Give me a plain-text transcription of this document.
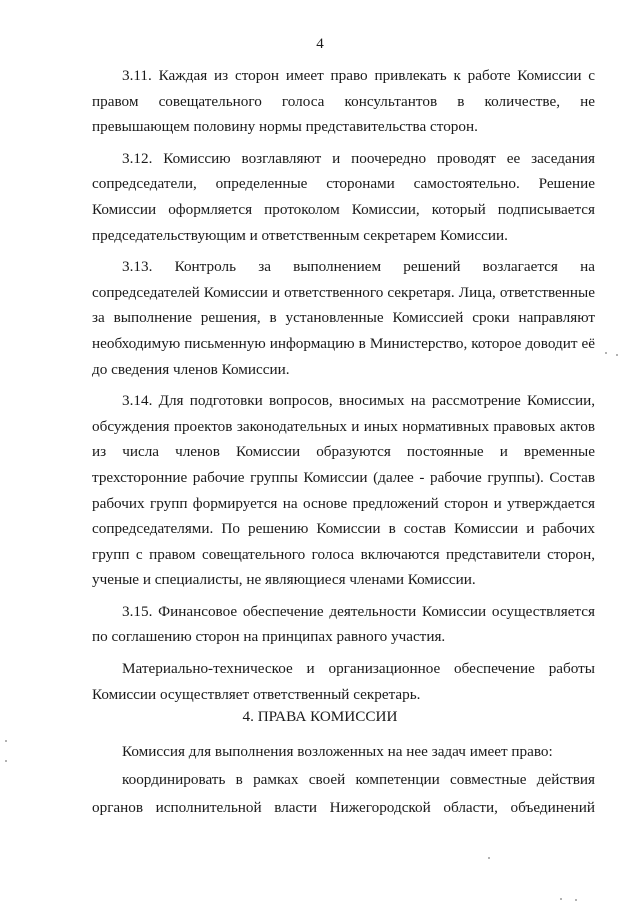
4
3.11. Каждая из сторон имеет право привлекать к работе Комиссии с
правом совещательного голоса консультантов в количестве, не
превышающем половину нормы представительства сторон.
3.12. Комиссию возглавляют и поочередно проводят ее заседания
сопредседатели, определенные сторонами самостоятельно. Решение
Комиссии оформляется протоколом Комиссии, который подписывается
председательствующим и ответственным секретарем Комиссии.
3.13. Контроль за выполнением решений возлагается на
сопредседателей Комиссии и ответственного секретаря. Лица, ответственные
за выполнение решения, в установленные Комиссией сроки направляют
необходимую письменную информацию в Министерство, которое доводит её
до сведения членов Комиссии.
3.14. Для подготовки вопросов, вносимых на рассмотрение Комиссии,
обсуждения проектов законодательных и иных нормативных правовых актов
из числа членов Комиссии образуются постоянные и временные
трехсторонние рабочие группы Комиссии (далее - рабочие группы). Состав
рабочих групп формируется на основе предложений сторон и утверждается
сопредседателями. По решению Комиссии в состав Комиссии и рабочих
групп с правом совещательного голоса включаются представители сторон,
ученые и специалисты, не являющиеся членами Комиссии.
3.15. Финансовое обеспечение деятельности Комиссии осуществляется
по соглашению сторон на принципах равного участия.
Материально-техническое и организационное обеспечение работы
Комиссии осуществляет ответственный секретарь.
4. ПРАВА КОМИССИИ
Комиссия для выполнения возложенных на нее задач имеет право:
координировать в рамках своей компетенции совместные действия
органов исполнительной власти Нижегородской области, объединений
